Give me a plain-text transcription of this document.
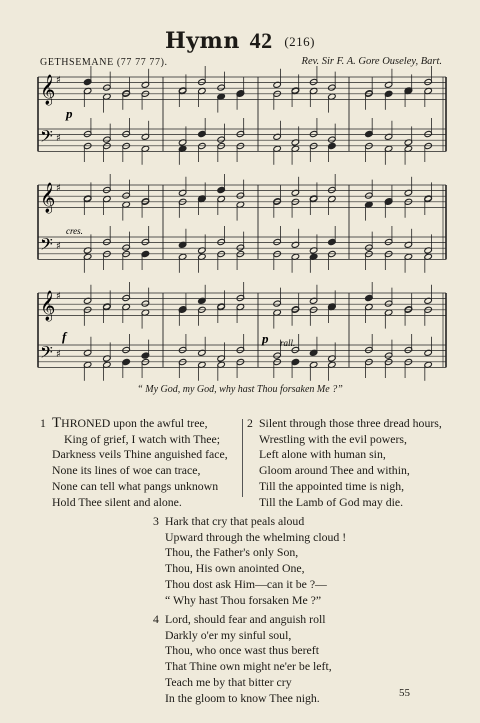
Hymn 42 (216)
GETHSEMANE (77 77 77).	Rev. Sir F. A. Gore Ouseley, Bart.
𝄞
𝄢
♯
♯
𝄞
𝄢
♯
♯
𝄞
𝄢
♯
♯
p
cres.
f	p rall.
“ My God, my God, why hast Thou forsaken Me ?”
1 THRONED upon the awful tree,
King of grief, I watch with Thee;
Darkness veils Thine anguished face,
None its lines of woe can trace,
None can tell what pangs unknown
Hold Thee silent and alone.
2 Silent through those three dread hours,
Wrestling with the evil powers,
Left alone with human sin,
Gloom around Thee and within,
Till the appointed time is nigh,
Till the Lamb of God may die.
3 Hark that cry that peals aloud
Upward through the whelming cloud !
Thou, the Father's only Son,
Thou, His own anointed One,
Thou dost ask Him—can it be ?—
“ Why hast Thou forsaken Me ?”
4 Lord, should fear and anguish roll
Darkly o'er my sinful soul,
Thou, who once wast thus bereft
That Thine own might ne'er be left,
Teach me by that bitter cry
In the gloom to know Thee nigh.	55
